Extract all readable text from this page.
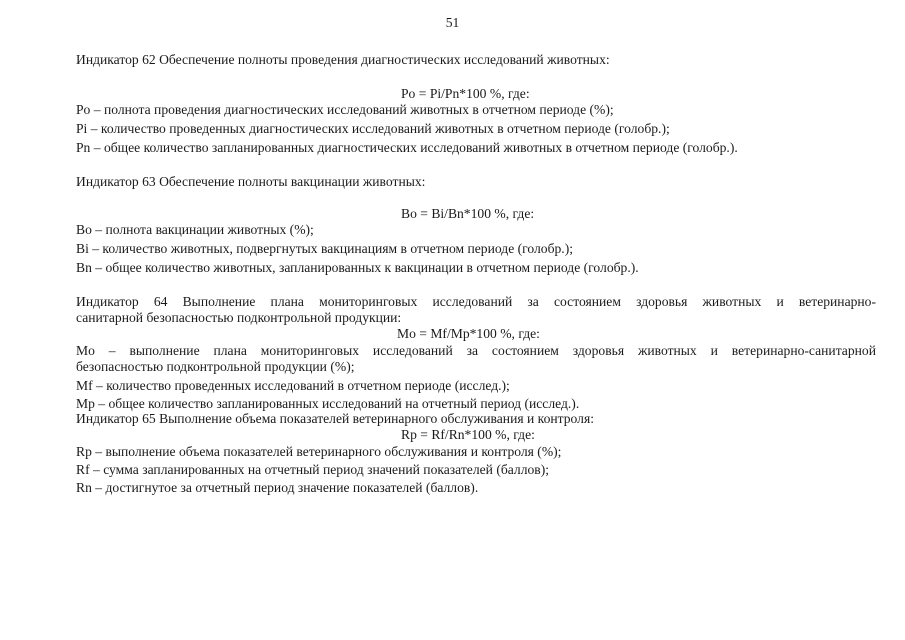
51
Индикатор 62 Обеспечение полноты проведения диагностических исследований животных:
Po = Pi/Pn*100 %, где:
Po – полнота проведения диагностических исследований животных в отчетном периоде (%);
Pi – количество проведенных диагностических исследований животных в отчетном периоде (голобр.);
Pn – общее количество запланированных диагностических исследований животных в отчетном периоде (голобр.).
Индикатор 63 Обеспечение полноты вакцинации животных:
Bo = Bi/Bn*100 %, где:
Bo – полнота вакцинации животных (%);
Bi – количество животных, подвергнутых вакцинациям в отчетном периоде (голобр.);
Bn – общее количество животных, запланированных к вакцинации в отчетном периоде (голобр.).
Индикатор 64 Выполнение плана мониторинговых исследований за состоянием здоровья животных и ветеринарно-
санитарной безопасностью подконтрольной продукции:
Mo = Mf/Mp*100 %, где:
Mo – выполнение плана мониторинговых исследований за состоянием здоровья животных и ветеринарно-санитарной
безопасностью подконтрольной продукции (%);
Mf – количество проведенных исследований в отчетном периоде (исслед.);
Mp – общее количество запланированных исследований на отчетный период (исслед.).
Индикатор 65 Выполнение объема показателей ветеринарного обслуживания и контроля:
Rp = Rf/Rn*100 %, где:
Rp – выполнение объема показателей ветеринарного обслуживания и контроля (%);
Rf – сумма запланированных на отчетный период значений показателей (баллов);
Rn – достигнутое за отчетный период значение показателей (баллов).
